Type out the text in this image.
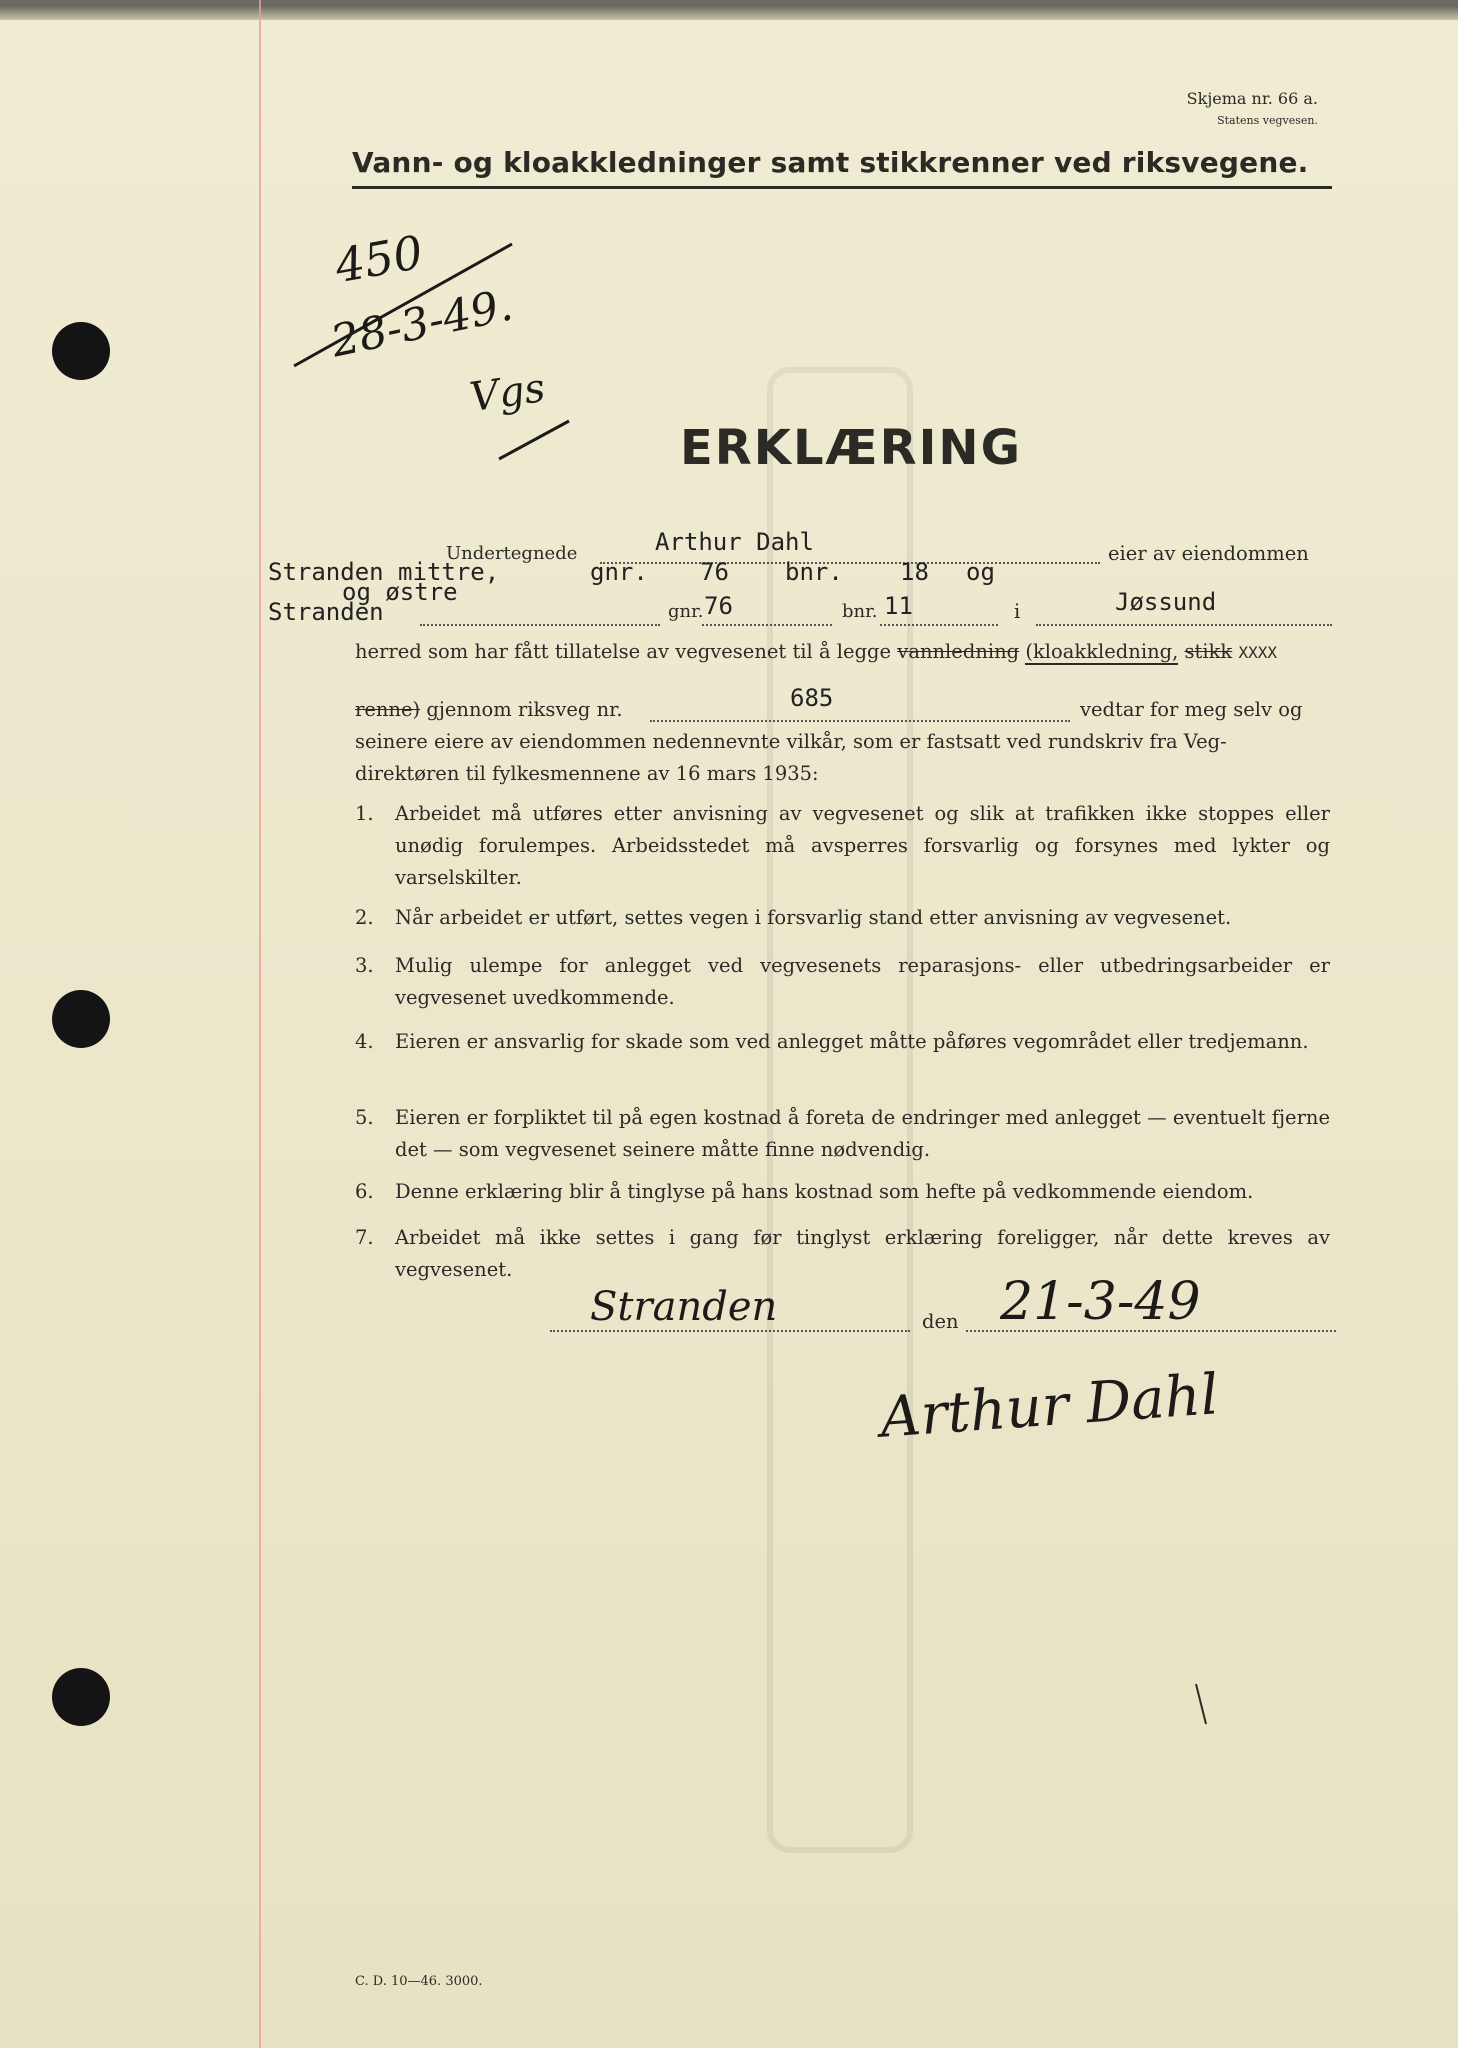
Skjema nr. 66 a.
Statens vegvesen.
Vann- og kloakkledninger samt stikkrenner ved riksvegene.
450
28-3-49.
Vgs
ERKLÆRING
Undertegnede	Arthur Dahl	eier av eiendommen
Stranden mittre,	gnr. 76 bnr. 18 og
og østre
Stranden	gnr. 76	bnr. 11	i	Jøssund
herred som har fått tillatelse av vegvesenet til å legge vannledning (kloakkledning, stikk XXXX
renne) gjennom riksveg nr.	685	vedtar for meg selv og
seinere eiere av eiendommen nedennevnte vilkår, som er fastsatt ved rundskriv fra Veg-
direktøren til fylkesmennene av 16 mars 1935:
1. Arbeidet må utføres etter anvisning av vegvesenet og slik at trafikken ikke stoppes eller unødig forulempes. Arbeidsstedet må avsperres forsvarlig og forsynes med lykter og varselskilter.
2. Når arbeidet er utført, settes vegen i forsvarlig stand etter anvisning av vegvesenet.
3. Mulig ulempe for anlegget ved vegvesenets reparasjons- eller utbedringsarbeider er vegvesenet uvedkommende.
4. Eieren er ansvarlig for skade som ved anlegget måtte påføres vegområdet eller tredjemann.
5. Eieren er forpliktet til på egen kostnad å foreta de endringer med anlegget — eventuelt fjerne det — som vegvesenet seinere måtte finne nødvendig.
6. Denne erklæring blir å tinglyse på hans kostnad som hefte på vedkommende eiendom.
7. Arbeidet må ikke settes i gang før tinglyst erklæring foreligger, når dette kreves av vegvesenet.
Stranden	den 21-3-49
Arthur Dahl
C. D. 10—46. 3000.
